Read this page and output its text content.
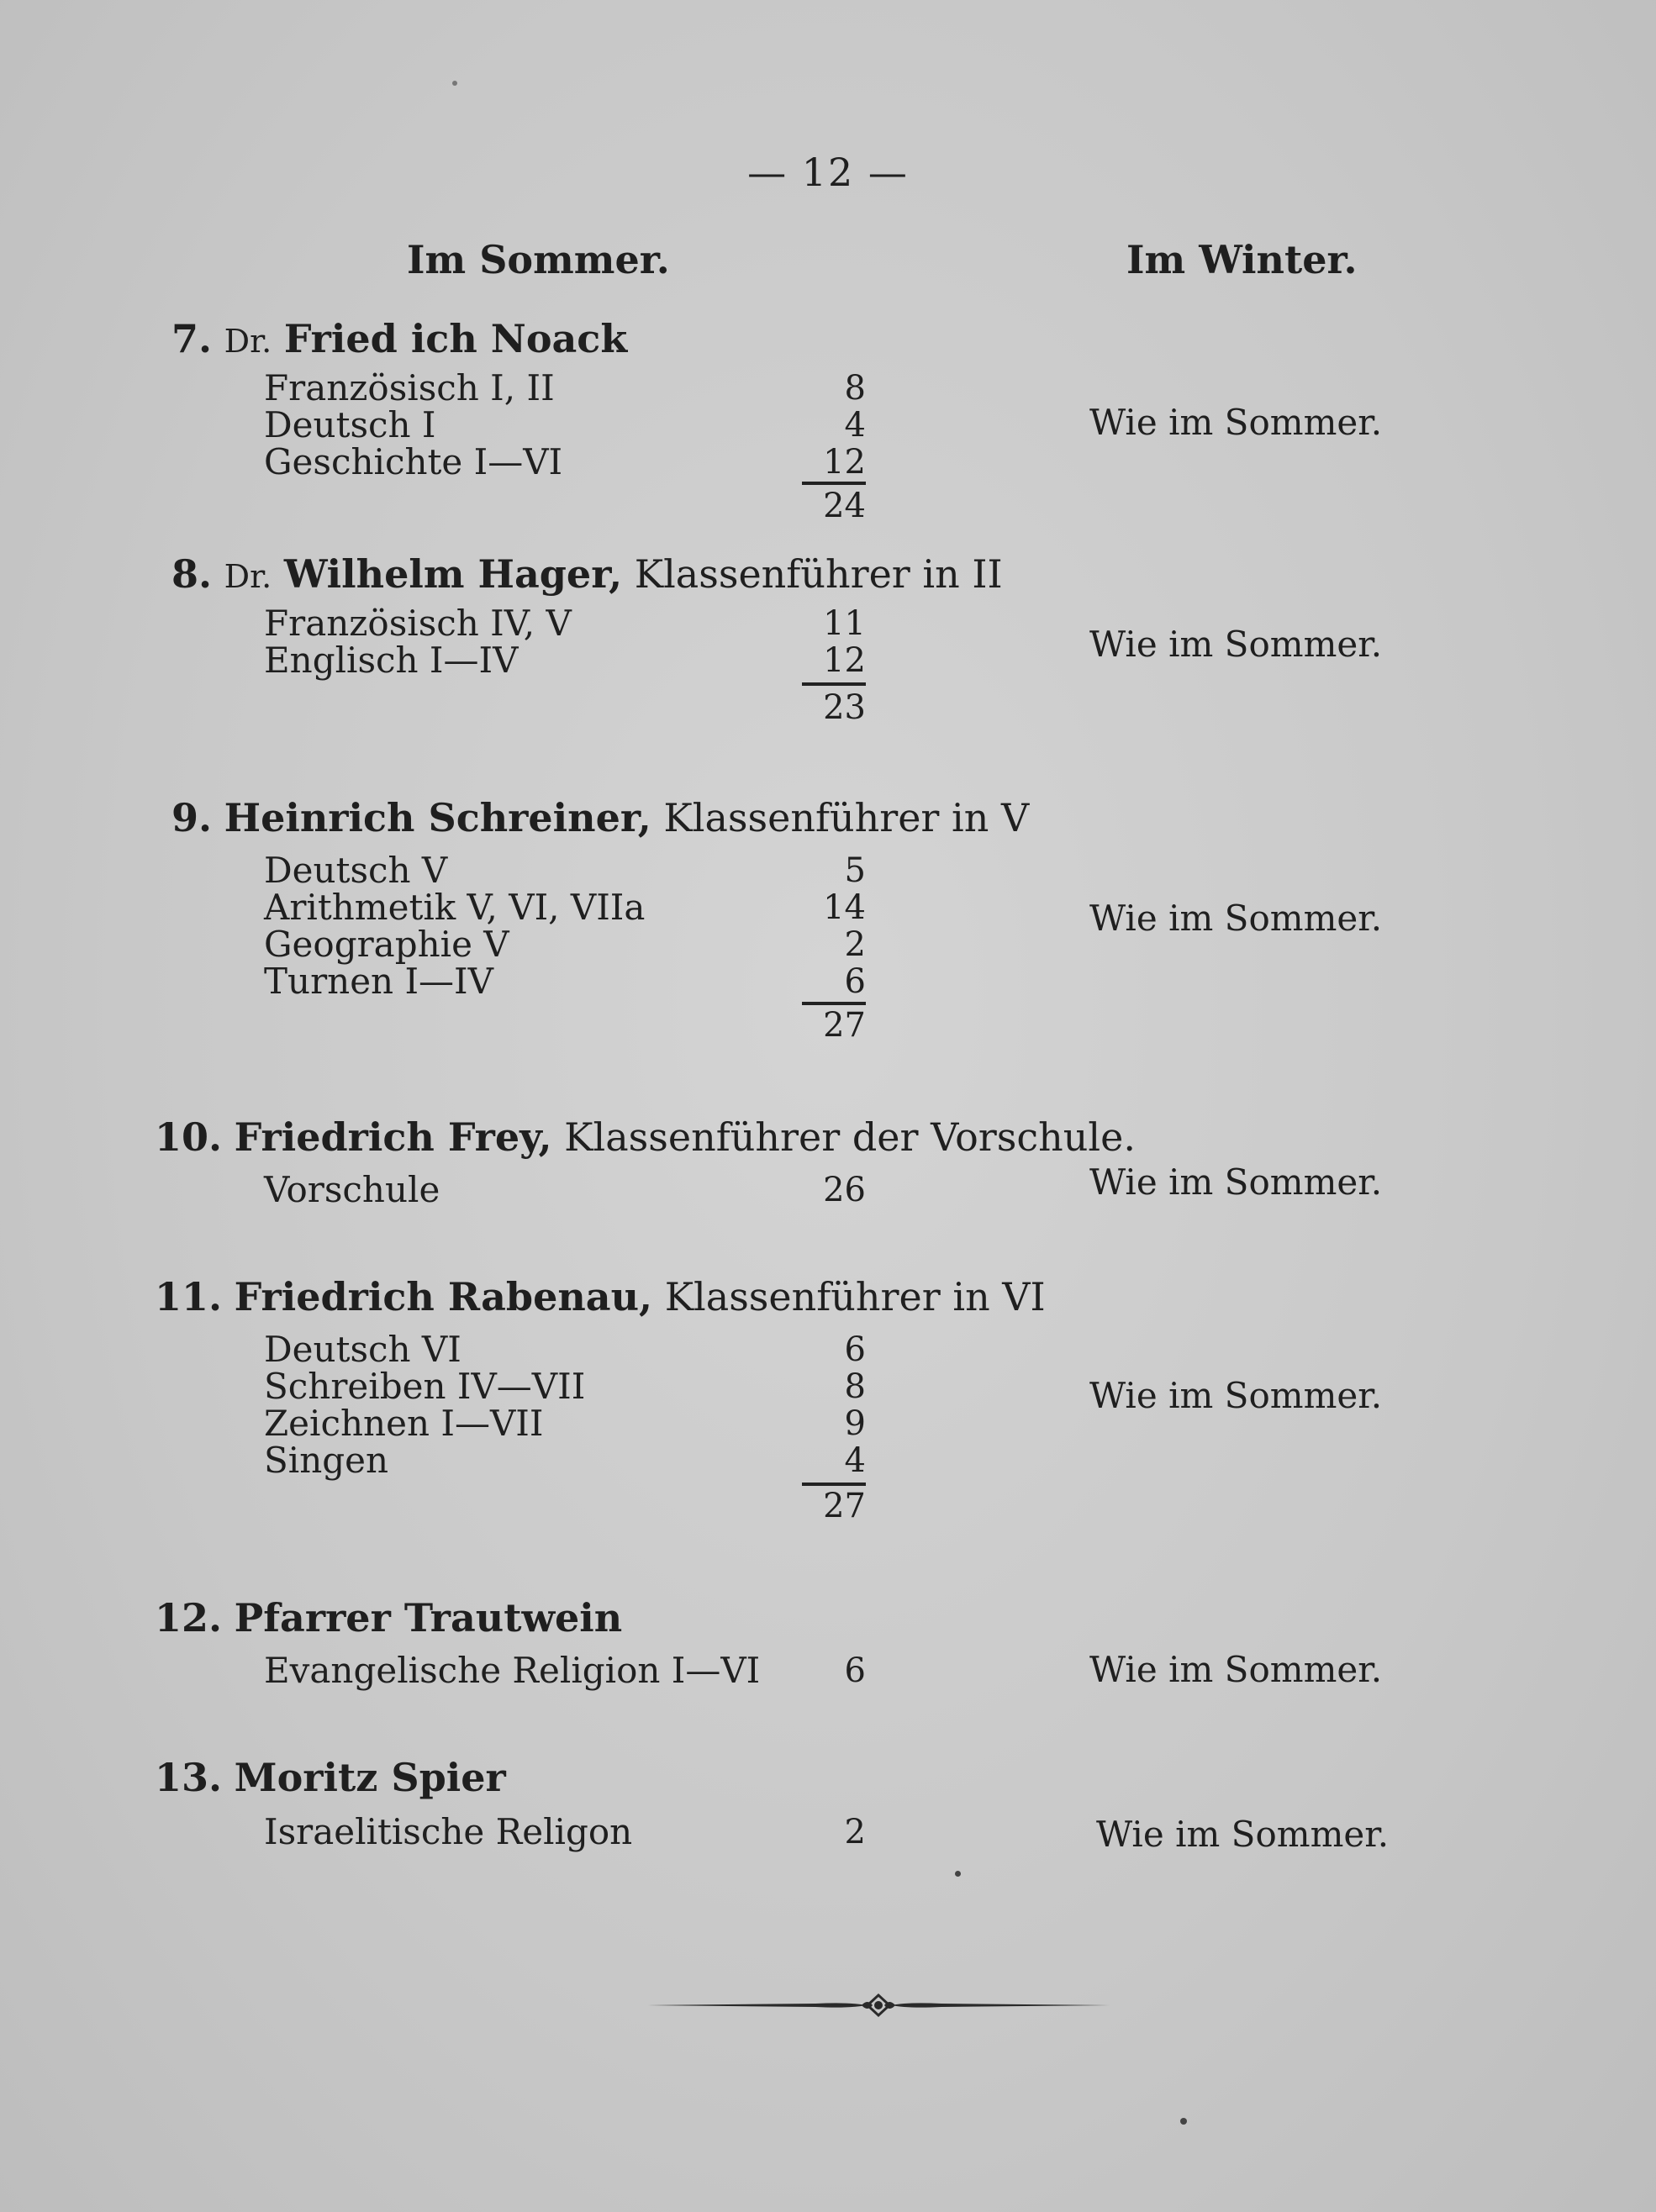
— 12 —
Im Sommer.	Im Winter.
7. Dr. Fried ich Noack
Französisch I, II	8
Deutsch I	4
Geschichte I—VI	12
24
Wie im Sommer.
8. Dr. Wilhelm Hager, Klassenführer in II
Französisch IV, V	11
Englisch I—IV	12
23
Wie im Sommer.
9. Heinrich Schreiner, Klassenführer in V
Deutsch V	5
Arithmetik V, VI, VIIa	14
Geographie V	2
Turnen I—IV	6
27
Wie im Sommer.
10. Friedrich Frey, Klassenführer der Vorschule.
Vorschule	26	Wie im Sommer.
11. Friedrich Rabenau, Klassenführer in VI
Deutsch VI	6
Schreiben IV—VII	8
Zeichnen I—VII	9
Singen	4
27
Wie im Sommer.
12. Pfarrer Trautwein
Evangelische Religion I—VI	6	Wie im Sommer.
13. Moritz Spier
Israelitische Religon	2	Wie im Sommer.
